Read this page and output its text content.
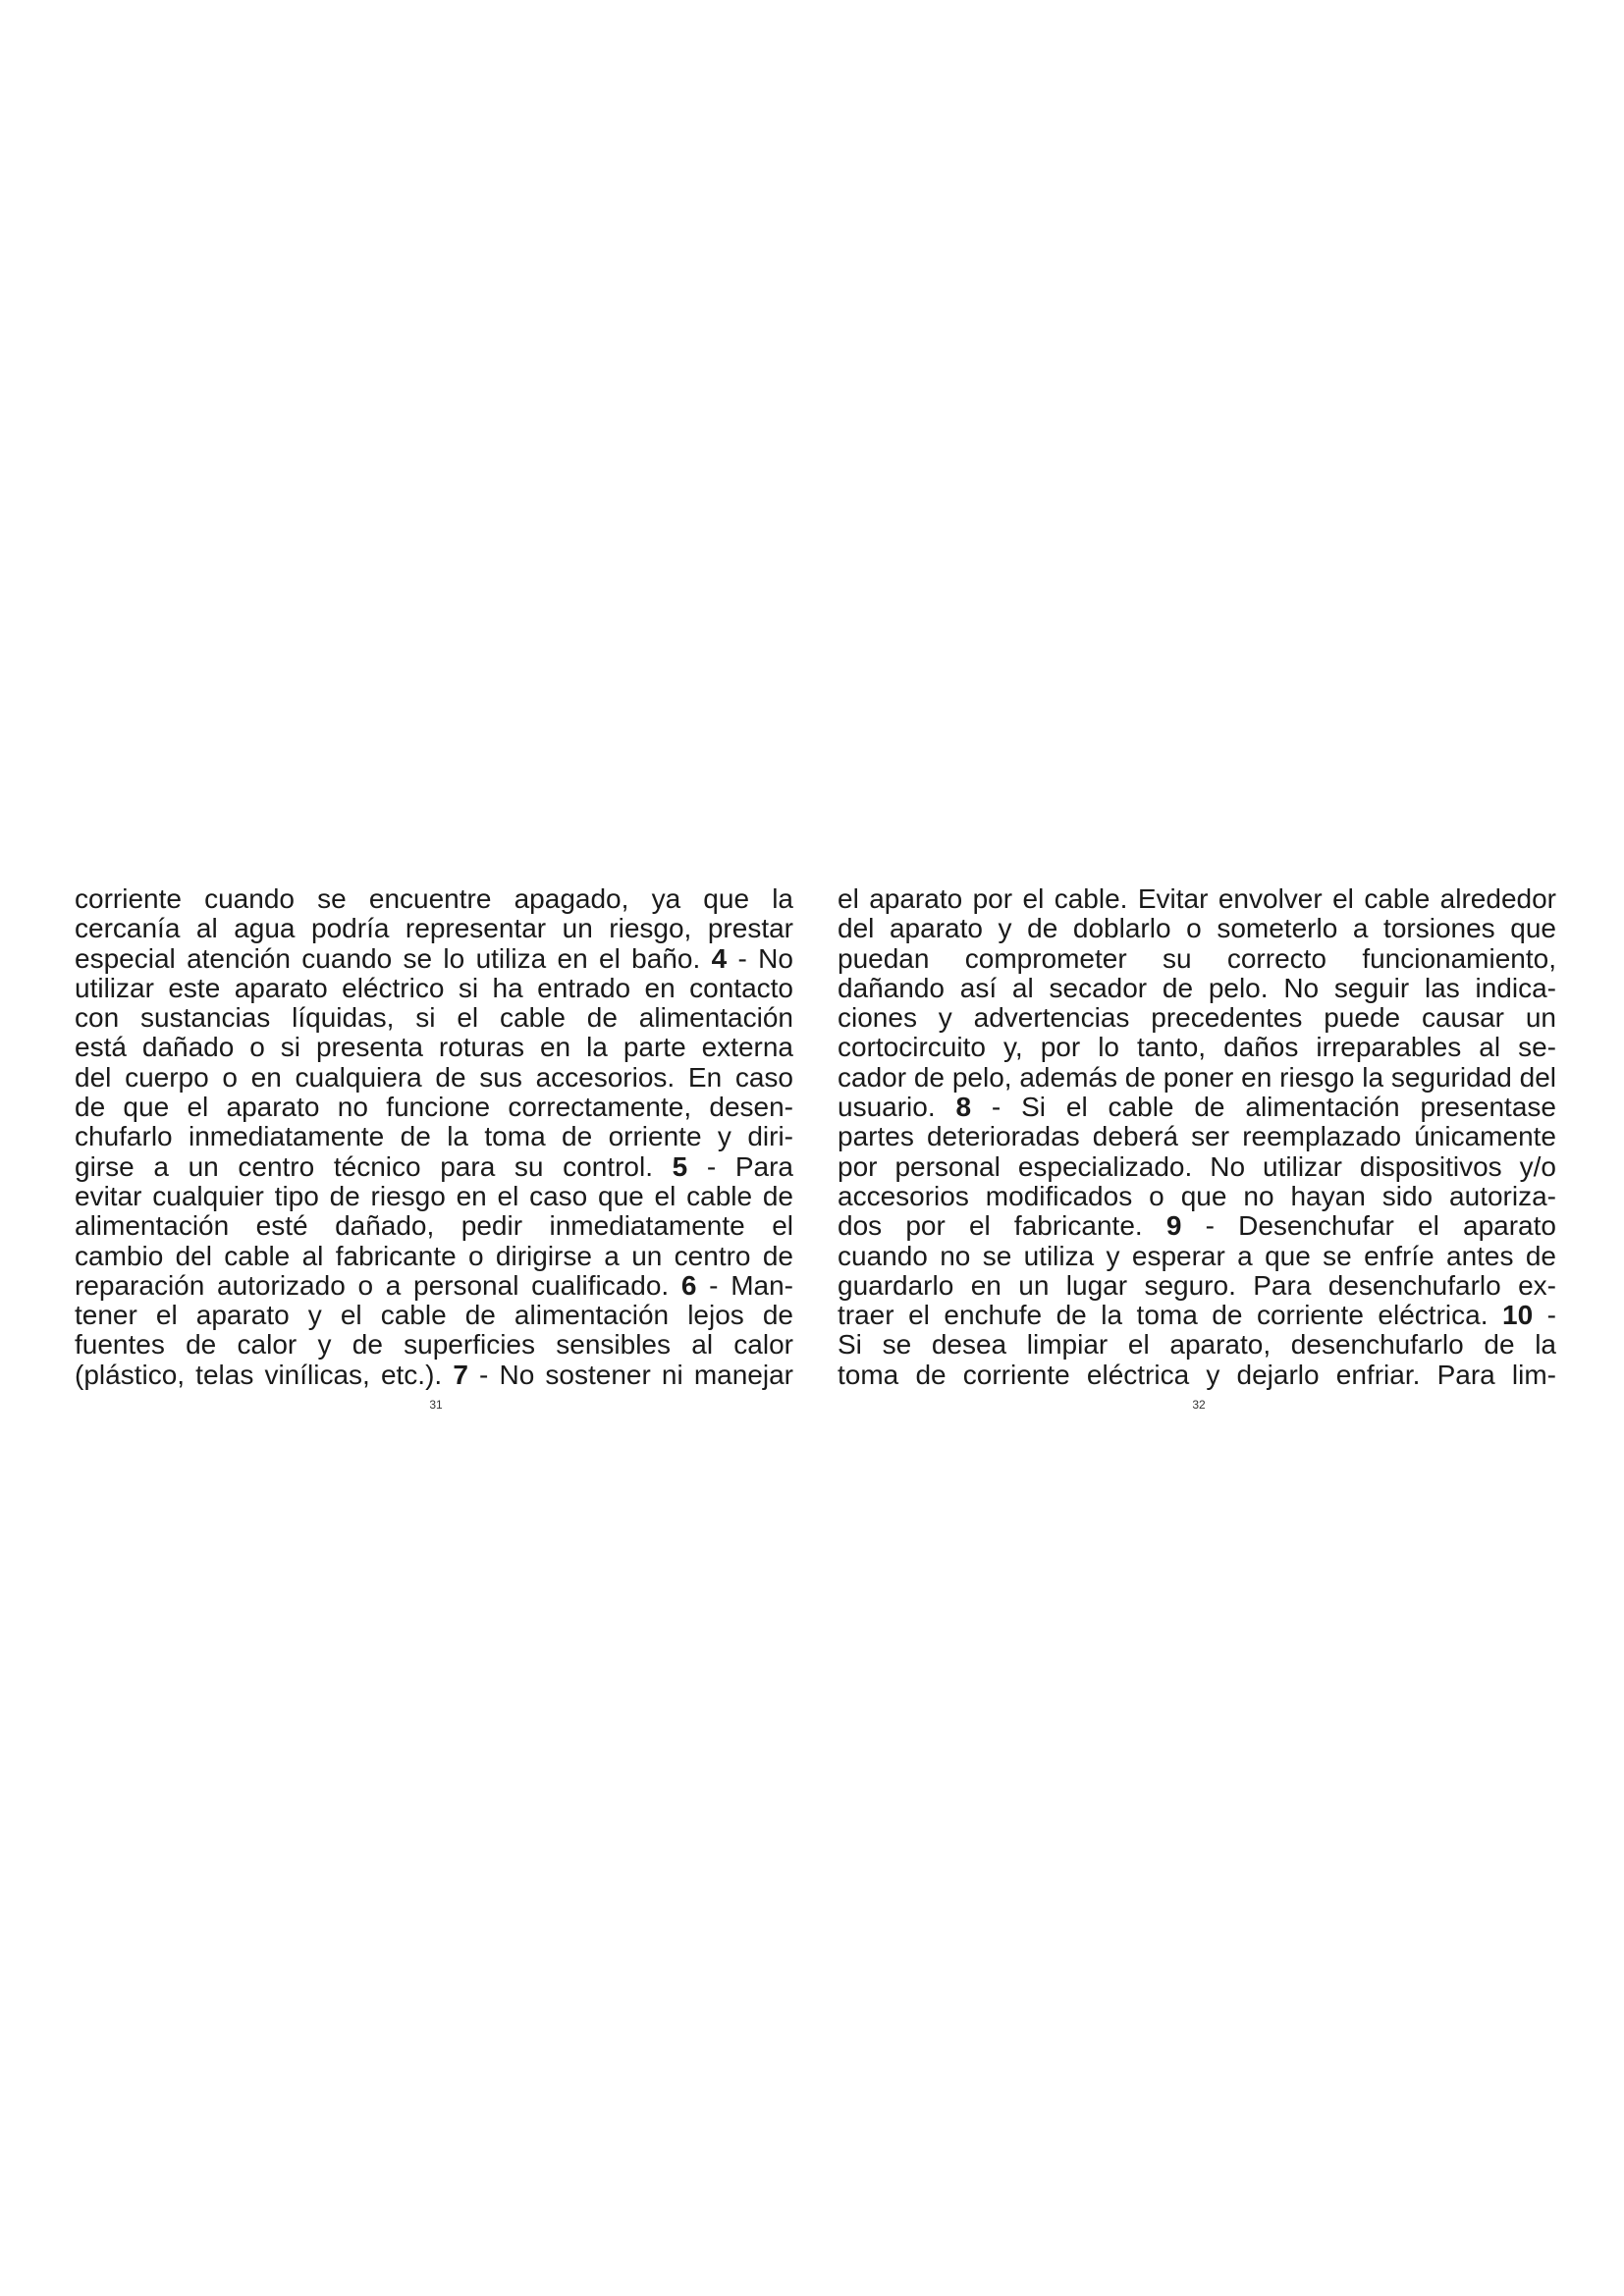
corriente cuando se encuentre apagado, ya que la
cercanía al agua podría representar un riesgo, prestar
especial atención cuando se lo utiliza en el baño. 4 - No
utilizar este aparato eléctrico si ha entrado en contacto
con sustancias líquidas, si el cable de alimentación
está dañado o si presenta roturas en la parte externa
del cuerpo o en cualquiera de sus accesorios. En caso
de que el aparato no funcione correctamente, desen-
chufarlo inmediatamente de la toma de orriente y diri-
girse a un centro técnico para su control. 5 - Para
evitar cualquier tipo de riesgo en el caso que el cable de
alimentación esté dañado, pedir inmediatamente el
cambio del cable al fabricante o dirigirse a un centro de
reparación autorizado o a personal cualificado. 6 - Man-
tener el aparato y el cable de alimentación lejos de
fuentes de calor y de superficies sensibles al calor
(plástico, telas vinílicas, etc.). 7 - No sostener ni manejar
31
el aparato por el cable. Evitar envolver el cable alrededor
del aparato y de doblarlo o someterlo a torsiones que
puedan comprometer su correcto funcionamiento,
dañando así al secador de pelo. No seguir las indica-
ciones y advertencias precedentes puede causar un
cortocircuito y, por lo tanto, daños irreparables al se-
cador de pelo, además de poner en riesgo la seguridad del
usuario. 8 - Si el cable de alimentación presentase
partes deterioradas deberá ser reemplazado únicamente
por personal especializado. No utilizar dispositivos y/o
accesorios modificados o que no hayan sido autoriza-
dos por el fabricante. 9 - Desenchufar el aparato
cuando no se utiliza y esperar a que se enfríe antes de
guardarlo en un lugar seguro. Para desenchufarlo ex-
traer el enchufe de la toma de corriente eléctrica. 10 -
Si se desea limpiar el aparato, desenchufarlo de la
toma de corriente eléctrica y dejarlo enfriar. Para lim-
32
